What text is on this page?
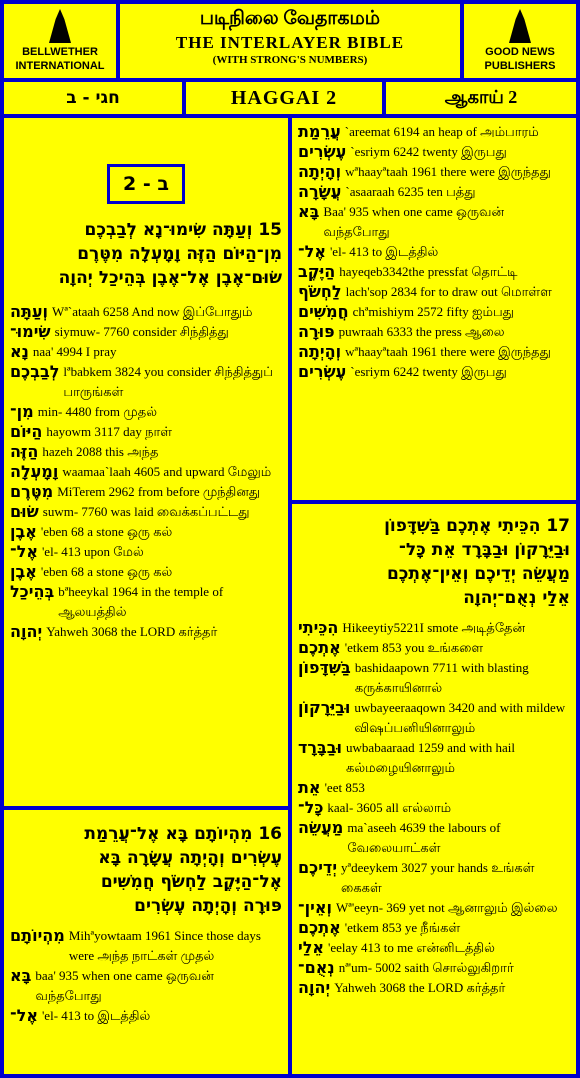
BELLWETHER INTERNATIONAL
படிநிலை வேதாகமம்
THE INTERLAYER BIBLE
(WITH STRONG'S NUMBERS)
GOOD NEWS PUBLISHERS
חגי - ב	HAGGAI 2	ஆகாய் 2
ב - 2
15 וְעַתָּה שִׂימוּ־נָא לְבַבְכֶם
מִן־הַיּוֹם הַזֶּה וָמָעְלָה מִטֶּרֶם
שׂוּם־אֶבֶן אֶל־אֶבֶן בְּהֵיכַל יְהוָה
וְעַתָּה Wª`ataah 6258 And now இப்போதும்
שִׂימוּ־ siymuw- 7760 consider சிந்தித்து
נָא naa' 4994 I pray
לְבַבְכֶם lªbabkem 3824 you consider சிந்தித்துப் பாருங்கள்
מִן־ min- 4480 from முதல்
הַיּוֹם hayowm 3117 day நாள்
הַזֶּה hazeh 2088 this அந்த
וָמָעְלָה waamaa`laah 4605 and upward மேலும்
מִטֶּרֶם MiTerem 2962 from before முந்தினது
שׂוּם suwm- 7760 was laid வைக்கப்பட்டது
אֶבֶן 'eben 68 a stone ஒரு கல்
אֶל־ 'el- 413 upon மேல்
אֶבֶן 'eben 68 a stone ஒரு கல்
בְּהֵיכַל bªheeykal 1964 in the temple of ஆலயத்தில்
יְהוָה Yahweh 3068 the LORD கர்த்தர்
16 מִהְיוֹתָם בָּא אֶל־עֲרֵמַת
עֶשְׂרִים וְהָיְתָה עֲשָׂרָה בָּא
אֶל־הַיֶּקֶב לַחְשֹׂף חֲמִשִּׁים
פּוּרָה וְהָיְתָה עֶשְׂרִים
מִהְיוֹתָם Mihªyowtaam 1961 Since those days were அந்த நாட்கள் முதல்
בָּא baa' 935 when one came ஒருவன் வந்தபோது
אֶל־ 'el- 413 to இடத்தில்
עֲרֵמַת `areemat 6194 an heap of அம்பாரம்
עֶשְׂרִים `esriym 6242 twenty இருபது
וְהָיְתָה wªhaayªtaah 1961 there were இருந்தது
עֲשָׂרָה `asaaraah 6235 ten பத்து
בָּא Baa' 935 when one came ஒருவன் வந்தபோது
אֶל־ 'el- 413 to இடத்தில்
הַיֶּקֶב hayeqeb3342the pressfat தொட்டி
לַחְשֹׂף lach'sop 2834 for to draw out மொள்ள
חֲמִשִּׁים chªmishiym 2572 fifty ஐம்பது
פּוּרָה puwraah 6333 the press ஆலை
וְהָיְתָה wªhaayªtaah 1961 there were இருந்தது
עֶשְׂרִים `esriym 6242 twenty இருபது
17 הִכֵּיתִי אֶתְכֶם בַּשִּׁדָּפוֹן
וּבַיֵּרָקוֹן וּבַבָּרָד אֵת כָּל־
מַעֲשֵׂה יְדֵיכֶם וְאֵין־אֶתְכֶם
אֵלַי נְאֻם־יְהוָה
הִכֵּיתִי Hikeeytiy5221I smote அடித்தேன்
אֶתְכֶם 'etkem 853 you உங்களை
בַּשִּׁדָּפוֹן bashidaapown 7711 with blasting கருக்காயினால்
וּבַיֵּרָקוֹן uwbayeeraaqown 3420 and with mildew விஷப்பனியினாலும்
וּבַבָּרָד uwbabaaraad 1259 and with hail கல்மழையினாலும்
אֵת 'eet 853
כָּל־ kaal- 3605 all எல்லாம்
מַעֲשֵׂה ma`aseeh 4639 the labours of வேலையாட்கள்
יְדֵיכֶם yªdeeykem 3027 your hands உங்கள் கைகள்
וְאֵין־ Wª'eeyn- 369 yet not ஆனாலும் இல்லை
אֶתְכֶם 'etkem 853 ye நீங்கள்
אֵלַי 'eelay 413 to me என்னிடத்தில்
נְאֻם־ nª'um- 5002 saith சொல்லுகிறார்
יְהוָה Yahweh 3068 the LORD கர்த்தர்
